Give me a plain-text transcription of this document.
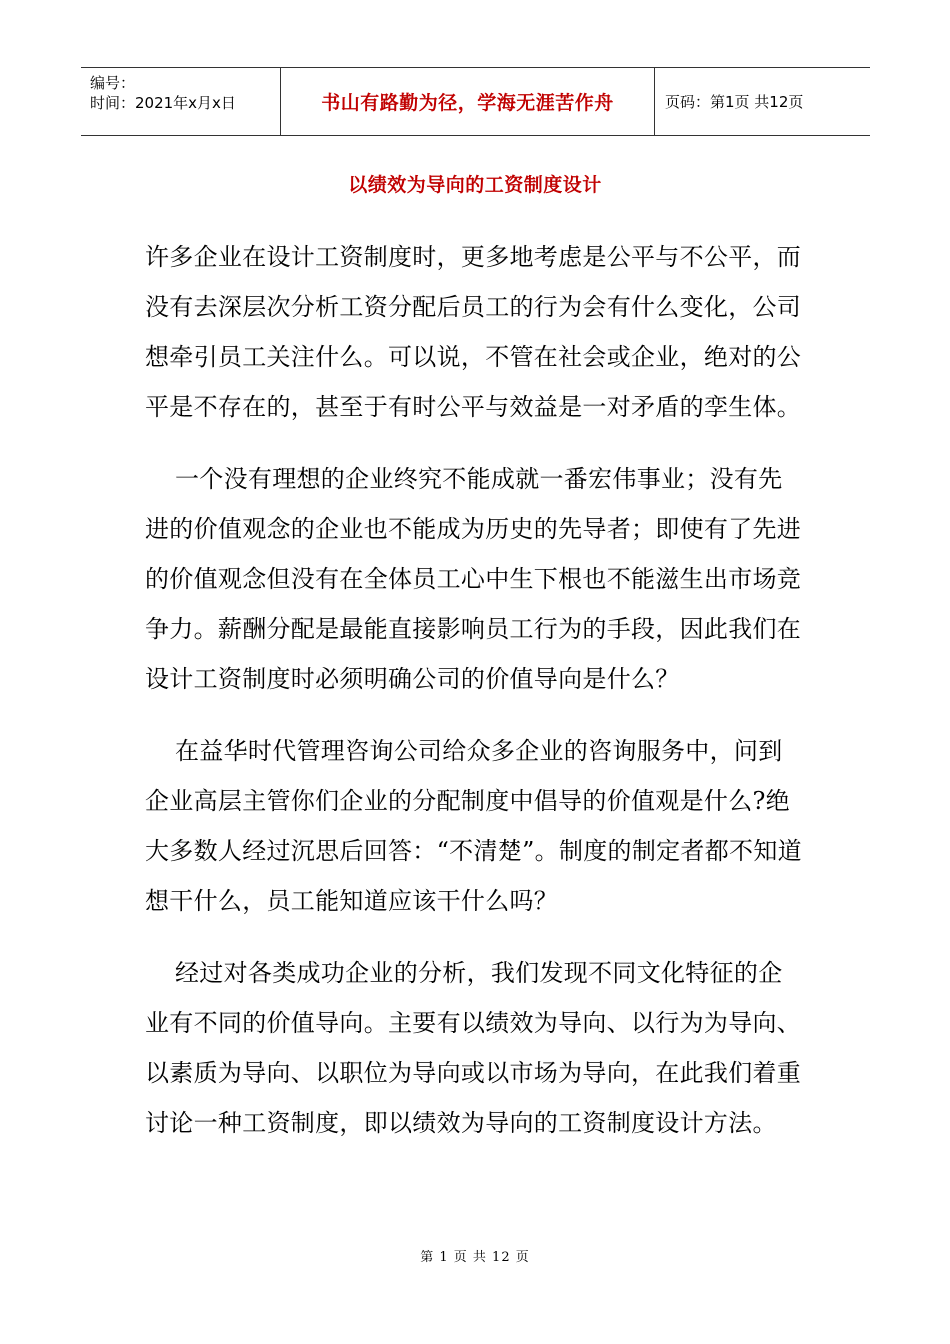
编号：
时间：2021年x月x日	书山有路勤为径，学海无涯苦作舟	页码：第1页 共12页
以绩效为导向的工资制度设计

许多企业在设计工资制度时，更多地考虑是公平与不公平，而没有去深层次分析工资分配后员工的行为会有什么变化，公司想牵引员工关注什么。可以说，不管在社会或企业，绝对的公平是不存在的，甚至于有时公平与效益是一对矛盾的孪生体。

一个没有理想的企业终究不能成就一番宏伟事业；没有先进的价值观念的企业也不能成为历史的先导者；即使有了先进的价值观念但没有在全体员工心中生下根也不能滋生出市场竞争力。薪酬分配是最能直接影响员工行为的手段，因此我们在设计工资制度时必须明确公司的价值导向是什么？

在益华时代管理咨询公司给众多企业的咨询服务中，问到企业高层主管你们企业的分配制度中倡导的价值观是什么?绝大多数人经过沉思后回答：“不清楚”。制度的制定者都不知道想干什么，员工能知道应该干什么吗？

经过对各类成功企业的分析，我们发现不同文化特征的企业有不同的价值导向。主要有以绩效为导向、以行为为导向、以素质为导向、以职位为导向或以市场为导向，在此我们着重讨论一种工资制度，即以绩效为导向的工资制度设计方法。

第 1 页 共 12 页
